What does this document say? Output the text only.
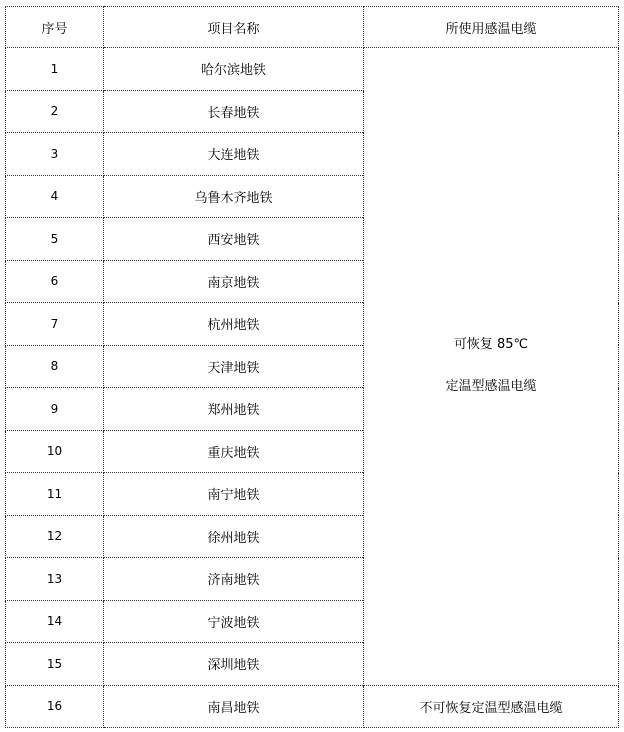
序号	项目名称	所使用感温电缆
1	哈尔滨地铁	可恢复 85℃
定温型感温电缆

2	长春地铁	
3	大连地铁	
4	乌鲁木齐地铁	
5	西安地铁	
6	南京地铁	
7	杭州地铁	
8	天津地铁	
9	郑州地铁	
10	重庆地铁	
11	南宁地铁	
12	徐州地铁	
13	济南地铁	
14	宁波地铁	
15	深圳地铁	
16	南昌地铁	不可恢复定温型感温电缆
